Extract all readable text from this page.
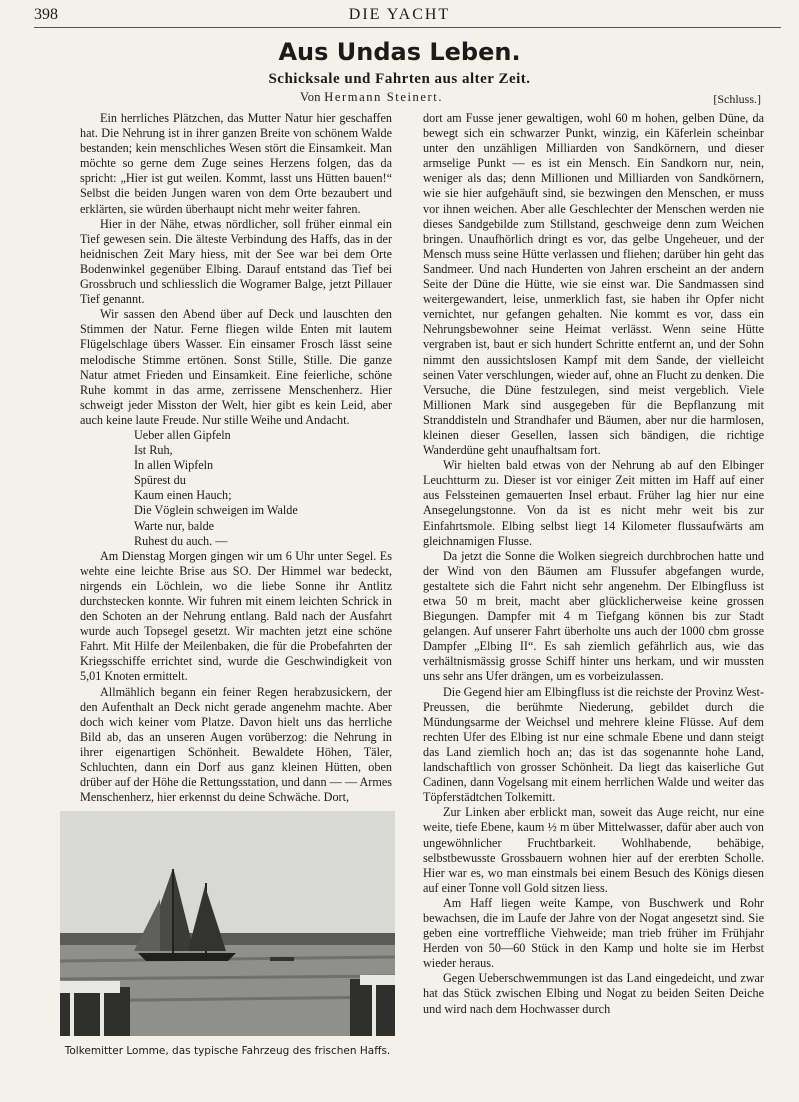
398	DIE YACHT
Aus Undas Leben.
Schicksale und Fahrten aus alter Zeit.
Von Hermann Steinert.	[Schluss.]

Ein herrliches Plätzchen, das Mutter Natur hier geschaffen hat. Die Nehrung ist in ihrer ganzen Breite von schönem Walde bestanden; kein menschliches Wesen stört die Einsamkeit. Man möchte so gerne dem Zuge seines Herzens folgen, das da spricht: „Hier ist gut weilen. Kommt, lasst uns Hütten bauen!“ Selbst die beiden Jungen waren von dem Orte bezaubert und erklärten, sie würden überhaupt nicht mehr weiter fahren.

Hier in der Nähe, etwas nördlicher, soll früher einmal ein Tief gewesen sein. Die älteste Verbindung des Haffs, das in der heidnischen Zeit Mary hiess, mit der See war bei dem Orte Bodenwinkel gegenüber Elbing. Darauf entstand das Tief bei Grossbruch und schliesslich die Wogramer Balge, jetzt Pillauer Tief genannt.

Wir sassen den Abend über auf Deck und lauschten den Stimmen der Natur. Ferne fliegen wilde Enten mit lautem Flügelschlage übers Wasser. Ein einsamer Frosch lässt seine melodische Stimme ertönen. Sonst Stille, Stille. Die ganze Natur atmet Frieden und Einsamkeit. Eine feierliche, schöne Ruhe kommt in das arme, zerrissene Menschenherz. Hier schweigt jeder Misston der Welt, hier gibt es kein Leid, aber auch keine laute Freude. Nur stille Weihe und Andacht.

Ueber allen Gipfeln
Ist Ruh,
In allen Wipfeln
Spürest du
Kaum einen Hauch;
Die Vöglein schweigen im Walde
Warte nur, balde
Ruhest du auch. —

Am Dienstag Morgen gingen wir um 6 Uhr unter Segel. Es wehte eine leichte Brise aus SO. Der Himmel war bedeckt, nirgends ein Löchlein, wo die liebe Sonne ihr Antlitz durchstecken konnte. Wir fuhren mit einem leichten Schrick in den Schoten an der Nehrung entlang. Bald nach der Ausfahrt wurde auch Topsegel gesetzt. Wir machten jetzt eine schöne Fahrt. Mit Hilfe der Meilenbaken, die für die Probefahrten der Kriegsschiffe errichtet sind, wurde die Geschwindigkeit von 5,01 Knoten ermittelt.

Allmählich begann ein feiner Regen herabzusickern, der den Aufenthalt an Deck nicht gerade angenehm machte. Aber doch wich keiner vom Platze. Davon hielt uns das herrliche Bild ab, das an unseren Augen vorüberzog: die Nehrung in ihrer eigenartigen Schönheit. Bewaldete Höhen, Täler, Schluchten, dann ein Dorf aus ganz kleinen Hütten, oben drüber auf der Höhe die Rettungsstation, und dann — — Armes Menschenherz, hier erkennst du deine Schwäche. Dort,

Tolkemitter Lomme, das typische Fahrzeug des frischen Haffs.

dort am Fusse jener gewaltigen, wohl 60 m hohen, gelben Düne, da bewegt sich ein schwarzer Punkt, winzig, ein Käferlein scheinbar unter den unzähligen Milliarden von Sandkörnern, und dieser armselige Punkt — es ist ein Mensch. Ein Sandkorn nur, nein, weniger als das; denn Millionen und Milliarden von Sandkörnern, wie sie hier aufgehäuft sind, sie bezwingen den Menschen, er muss vor ihnen weichen. Aber alle Geschlechter der Menschen werden nie dieses Sandgebilde zum Stillstand, geschweige denn zum Weichen bringen. Unaufhörlich dringt es vor, das gelbe Ungeheuer, und der Mensch muss seine Hütte verlassen und fliehen; darüber hin geht das Sandmeer. Und nach Hunderten von Jahren erscheint an der andern Seite der Düne die Hütte, wie sie einst war. Die Sandmassen sind weitergewandert, leise, unmerklich fast, sie haben ihr Opfer nicht vernichtet, nur gefangen gehalten. Nie kommt es vor, dass ein Nehrungsbewohner seine Heimat verlässt. Wenn seine Hütte vergraben ist, baut er sich hundert Schritte entfernt an, und der Sohn nimmt den aussichtslosen Kampf mit dem Sande, der vielleicht seinen Vater verschlungen, wieder auf, ohne an Flucht zu denken. Die Versuche, die Düne festzulegen, sind meist vergeblich. Viele Millionen Mark sind ausgegeben für die Bepflanzung mit Stranddisteln und Strandhafer und Bäumen, aber nur die harmlosen, kleinen dieser Gesellen, lassen sich bändigen, die richtige Wanderdüne geht unaufhaltsam fort.

Wir hielten bald etwas von der Nehrung ab auf den Elbinger Leuchtturm zu. Dieser ist vor einiger Zeit mitten im Haff auf einer aus Felssteinen gemauerten Insel erbaut. Früher lag hier nur eine Ansegelungstonne. Von da ist es nicht mehr weit bis zur Einfahrtsmole. Elbing selbst liegt 14 Kilometer flussaufwärts am gleichnamigen Flusse.

Da jetzt die Sonne die Wolken siegreich durchbrochen hatte und der Wind von den Bäumen am Flussufer abgefangen wurde, gestaltete sich die Fahrt nicht sehr angenehm. Der Elbingfluss ist etwa 50 m breit, macht aber glücklicherweise keine grossen Biegungen. Dampfer mit 4 m Tiefgang können bis zur Stadt gelangen. Auf unserer Fahrt überholte uns auch der 1000 cbm grosse Dampfer „Elbing II“. Es sah ziemlich gefährlich aus, wie das verhältnismässig grosse Schiff hinter uns herkam, und wir mussten uns sehr ans Ufer drängen, um es vorbeizulassen.

Die Gegend hier am Elbingfluss ist die reichste der Provinz West-Preussen, die berühmte Niederung, gebildet durch die Mündungsarme der Weichsel und mehrere kleine Flüsse. Auf dem rechten Ufer des Elbing ist nur eine schmale Ebene und dann steigt das Land ziemlich hoch an; das ist das sogenannte hohe Land, landschaftlich von grosser Schönheit. Da liegt das kaiserliche Gut Cadinen, dann Vogelsang mit einem herrlichen Walde und weiter das Töpferstädtchen Tolkemitt.

Zur Linken aber erblickt man, soweit das Auge reicht, nur eine weite, tiefe Ebene, kaum ½ m über Mittelwasser, dafür aber auch von ungewöhnlicher Fruchtbarkeit. Wohlhabende, behäbige, selbstbewusste Grossbauern wohnen hier auf der ererbten Scholle. Hier war es, wo man einstmals bei einem Besuch des Königs diesen auf einer Tonne voll Gold sitzen liess.

Am Haff liegen weite Kampe, von Buschwerk und Rohr bewachsen, die im Laufe der Jahre von der Nogat angesetzt sind. Sie geben eine vortreffliche Viehweide; man trieb früher im Frühjahr Herden von 50—60 Stück in den Kamp und holte sie im Herbst wieder heraus.

Gegen Ueberschwemmungen ist das Land eingedeicht, und zwar hat das Stück zwischen Elbing und Nogat zu beiden Seiten Deiche und wird nach dem Hochwasser durch
